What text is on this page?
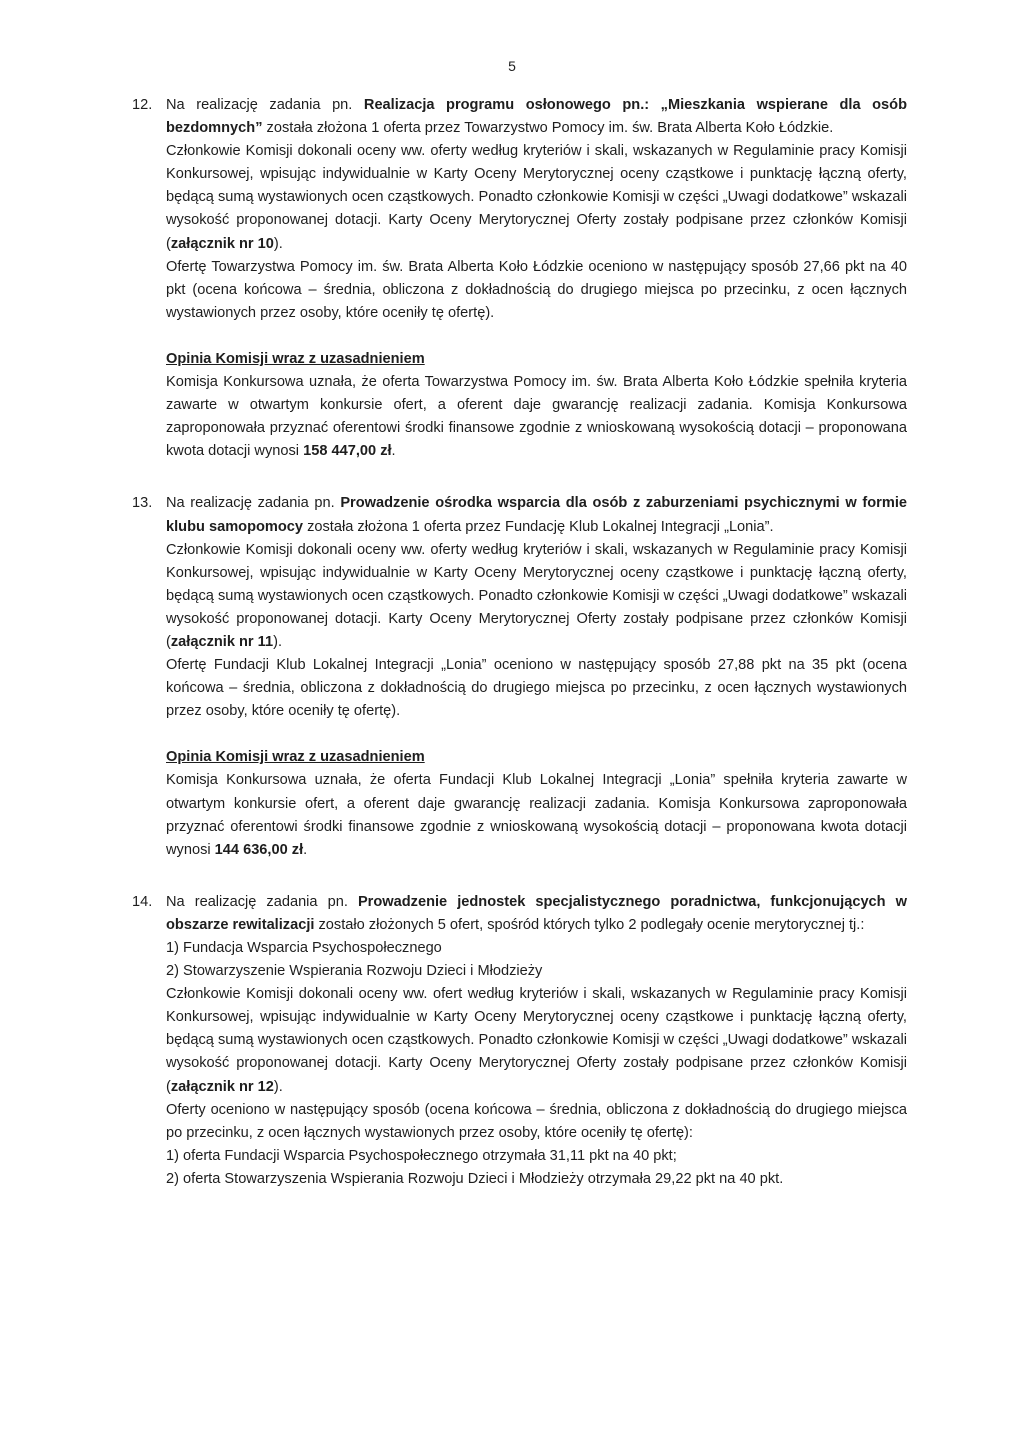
5
12. Na realizację zadania pn. Realizacja programu osłonowego pn.: „Mieszkania wspierane dla osób bezdomnych” została złożona 1 oferta przez Towarzystwo Pomocy im. św. Brata Alberta Koło Łódzkie.

Członkowie Komisji dokonali oceny ww. oferty według kryteriów i skali, wskazanych w Regulaminie pracy Komisji Konkursowej, wpisując indywidualnie w Karty Oceny Merytorycznej oceny cząstkowe i punktację łączną oferty, będącą sumą wystawionych ocen cząstkowych. Ponadto członkowie Komisji w części „Uwagi dodatkowe” wskazali wysokość proponowanej dotacji. Karty Oceny Merytorycznej Oferty zostały podpisane przez członków Komisji (załącznik nr 10).

Ofertę Towarzystwa Pomocy im. św. Brata Alberta Koło Łódzkie oceniono w następujący sposób 27,66 pkt na 40 pkt (ocena końcowa – średnia, obliczona z dokładnością do drugiego miejsca po przecinku, z ocen łącznych wystawionych przez osoby, które oceniły tę ofertę).

Opinia Komisji wraz z uzasadnieniem

Komisja Konkursowa uznała, że oferta Towarzystwa Pomocy im. św. Brata Alberta Koło Łódzkie spełniła kryteria zawarte w otwartym konkursie ofert, a oferent daje gwarancję realizacji zadania. Komisja Konkursowa zaproponowała przyznać oferentowi środki finansowe zgodnie z wnioskowaną wysokością dotacji – proponowana kwota dotacji wynosi 158 447,00 zł.

13. Na realizację zadania pn. Prowadzenie ośrodka wsparcia dla osób z zaburzeniami psychicznymi w formie klubu samopomocy została złożona 1 oferta przez Fundację Klub Lokalnej Integracji „Lonia”.

Członkowie Komisji dokonali oceny ww. oferty według kryteriów i skali, wskazanych w Regulaminie pracy Komisji Konkursowej, wpisując indywidualnie w Karty Oceny Merytorycznej oceny cząstkowe i punktację łączną oferty, będącą sumą wystawionych ocen cząstkowych. Ponadto członkowie Komisji w części „Uwagi dodatkowe” wskazali wysokość proponowanej dotacji. Karty Oceny Merytorycznej Oferty zostały podpisane przez członków Komisji (załącznik nr 11).

Ofertę Fundacji Klub Lokalnej Integracji „Lonia” oceniono w następujący sposób 27,88 pkt na 35 pkt (ocena końcowa – średnia, obliczona z dokładnością do drugiego miejsca po przecinku, z ocen łącznych wystawionych przez osoby, które oceniły tę ofertę).

Opinia Komisji wraz z uzasadnieniem

Komisja Konkursowa uznała, że oferta Fundacji Klub Lokalnej Integracji „Lonia” spełniła kryteria zawarte w otwartym konkursie ofert, a oferent daje gwarancję realizacji zadania. Komisja Konkursowa zaproponowała przyznać oferentowi środki finansowe zgodnie z wnioskowaną wysokością dotacji – proponowana kwota dotacji wynosi 144 636,00 zł.

14. Na realizację zadania pn. Prowadzenie jednostek specjalistycznego poradnictwa, funkcjonujących w obszarze rewitalizacji zostało złożonych 5 ofert, spośród których tylko 2 podlegały ocenie merytorycznej tj.:

1) Fundacja Wsparcia Psychospołecznego

2) Stowarzyszenie Wspierania Rozwoju Dzieci i Młodzieży

Członkowie Komisji dokonali oceny ww. ofert według kryteriów i skali, wskazanych w Regulaminie pracy Komisji Konkursowej, wpisując indywidualnie w Karty Oceny Merytorycznej oceny cząstkowe i punktację łączną oferty, będącą sumą wystawionych ocen cząstkowych. Ponadto członkowie Komisji w części „Uwagi dodatkowe” wskazali wysokość proponowanej dotacji. Karty Oceny Merytorycznej Oferty zostały podpisane przez członków Komisji (załącznik nr 12).

Oferty oceniono w następujący sposób (ocena końcowa – średnia, obliczona z dokładnością do drugiego miejsca po przecinku, z ocen łącznych wystawionych przez osoby, które oceniły tę ofertę):

1) oferta Fundacji Wsparcia Psychospołecznego otrzymała 31,11 pkt na 40 pkt;

2) oferta Stowarzyszenia Wspierania Rozwoju Dzieci i Młodzieży otrzymała 29,22 pkt na 40 pkt.
